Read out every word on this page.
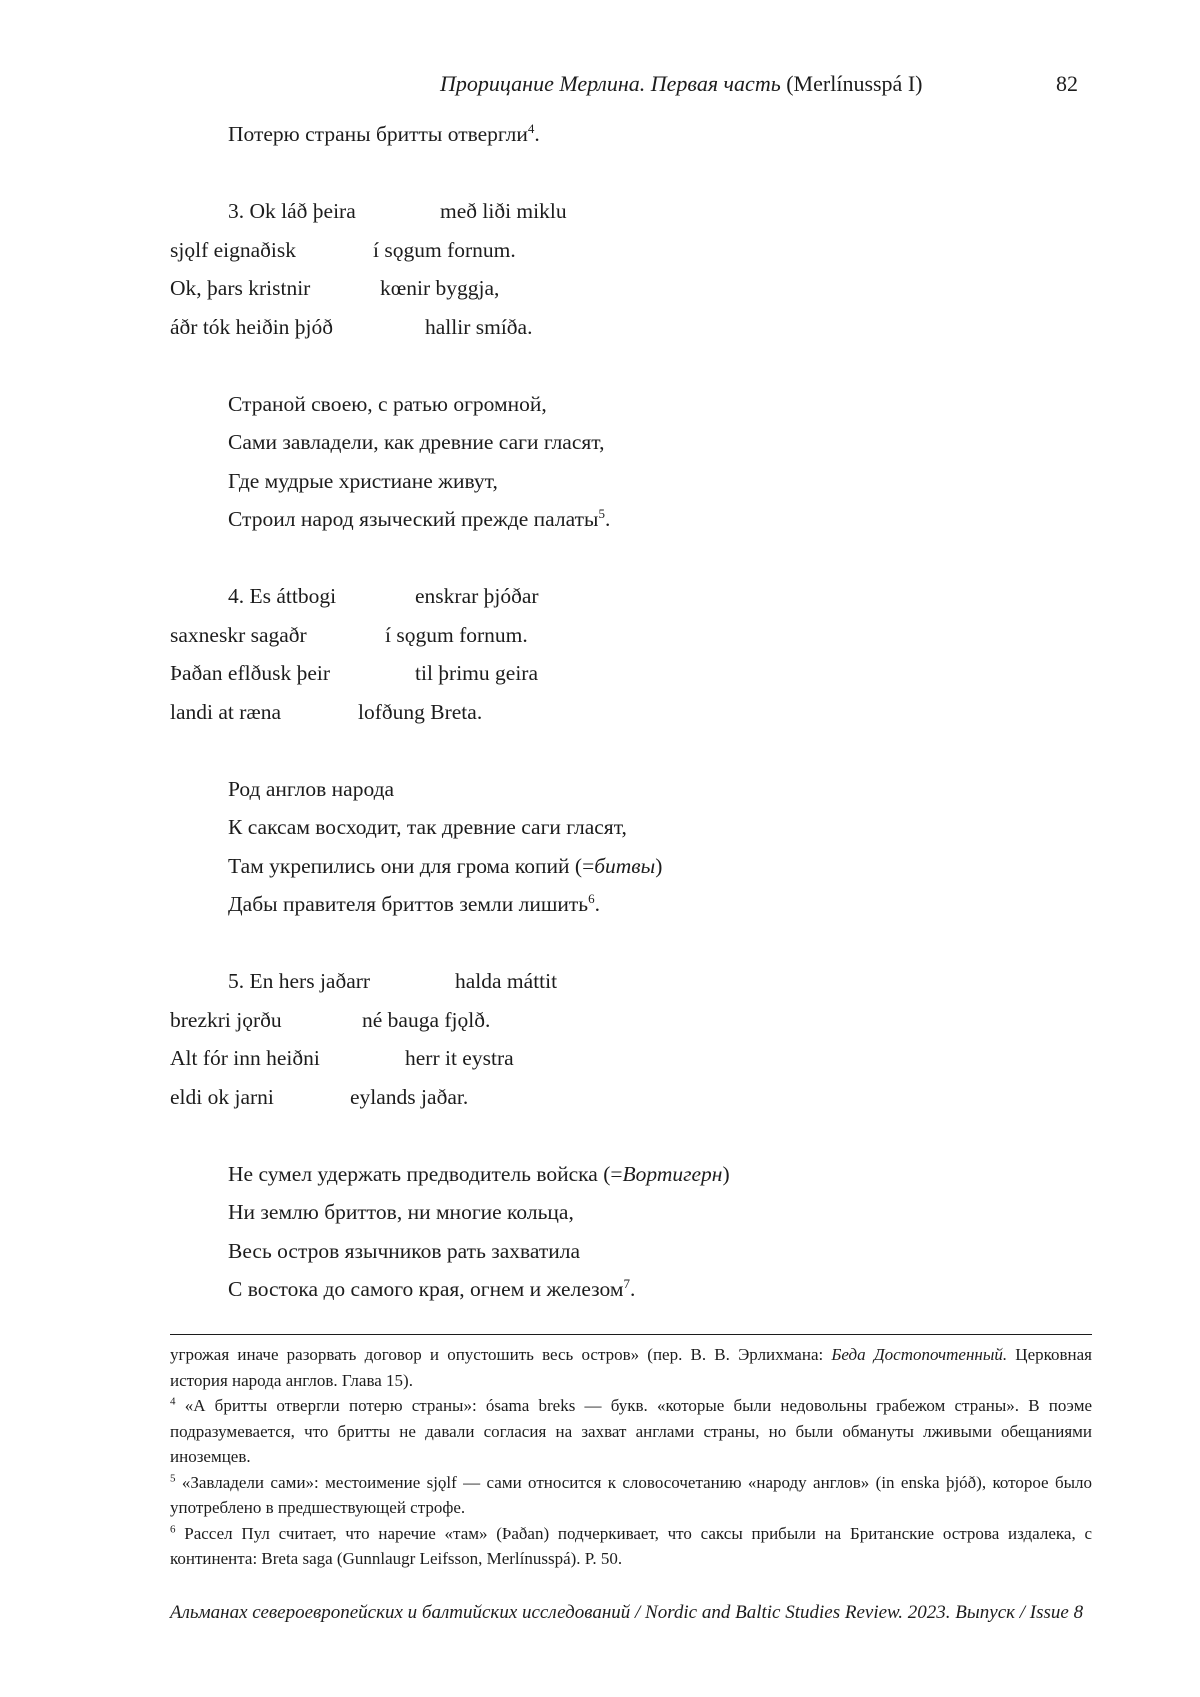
Прорицание Мерлина. Первая часть (Merlínusspá I)	82
Потерю страны бритты отвергли$^4$.
3. Ok láð þeira	með liði miklu
sjǫlf eignaðisk	í sǫgum fornum.
Ok, þars kristnir	kœnir byggja,
áðr tók heiðin þjóð	hallir smíða.
Страной своею, с ратью огромной,
Сами завладели, как древние саги гласят,
Где мудрые христиане живут,
Строил народ языческий прежде палаты$^5$.
4. Es áttbogi	enskrar þjóðar
saxneskr sagaðr	í sǫgum fornum.
Þaðan eflðusk þeir	til þrimu geira
landi at ræna	lofðung Breta.
Род англов народа
К саксам восходит, так древние саги гласят,
Там укрепились они для грома копий (=битвы)
Дабы правителя бриттов земли лишить$^6$.
5. En hers jaðarr	halda máttit
brezkri jǫrðu	né bauga fjǫlð.
Alt fór inn heiðni	herr it eystra
eldi ok jarni	eylands jaðar.
Не сумел удержать предводитель войска (=Вортигерн)
Ни землю бриттов, ни многие кольца,
Весь остров язычников рать захватила
С востока до самого края, огнем и железом$^7$.

угрожая иначе разорвать договор и опустошить весь остров» (пер. В. В. Эрлихмана: Беда Достопочтенный. Церковная история народа англов. Глава 15).

$^4$ «А бритты отвергли потерю страны»: ósama breks — букв. «которые были недовольны грабежом страны». В поэме подразумевается, что бритты не давали согласия на захват англами страны, но были обмануты лживыми обещаниями иноземцев.

$^5$ «Завладели сами»: местоимение sjǫlf — сами относится к словосочетанию «народу англов» (in enska þjóð), которое было употреблено в предшествующей строфе.

$^6$ Рассел Пул считает, что наречие «там» (Þaðan) подчеркивает, что саксы прибыли на Британские острова издалека, с континента: Breta saga (Gunnlaugr Leifsson, Merlínusspá). P. 50.

Альманах североевропейских и балтийских исследований / Nordic and Baltic Studies Review. 2023. Выпуск / Issue 8
